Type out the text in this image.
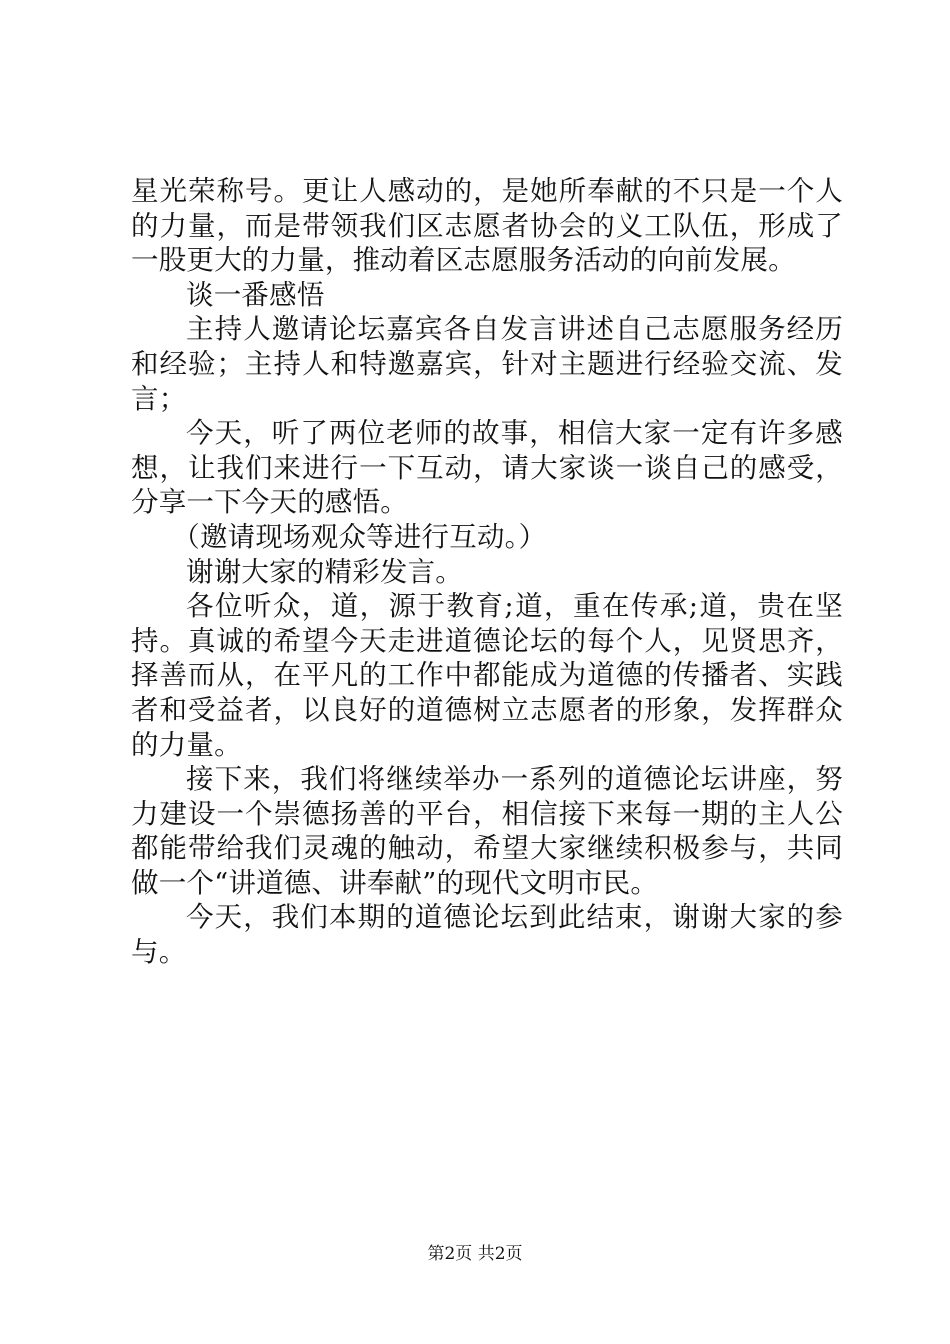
星光荣称号。更让人感动的，是她所奉献的不只是一个人的力量，而是带领我们区志愿者协会的义工队伍，形成了一股更大的力量，推动着区志愿服务活动的向前发展。

谈一番感悟

主持人邀请论坛嘉宾各自发言讲述自己志愿服务经历和经验；主持人和特邀嘉宾，针对主题进行经验交流、发言；

今天，听了两位老师的故事，相信大家一定有许多感想，让我们来进行一下互动，请大家谈一谈自己的感受，分享一下今天的感悟。

（邀请现场观众等进行互动。）

谢谢大家的精彩发言。

各位听众，道，源于教育;道，重在传承;道，贵在坚持。真诚的希望今天走进道德论坛的每个人，见贤思齐，择善而从，在平凡的工作中都能成为道德的传播者、实践者和受益者，以良好的道德树立志愿者的形象，发挥群众的力量。

接下来，我们将继续举办一系列的道德论坛讲座，努力建设一个崇德扬善的平台，相信接下来每一期的主人公都能带给我们灵魂的触动，希望大家继续积极参与，共同做一个“讲道德、讲奉献”的现代文明市民。

今天，我们本期的道德论坛到此结束，谢谢大家的参与。

第2页 共2页
